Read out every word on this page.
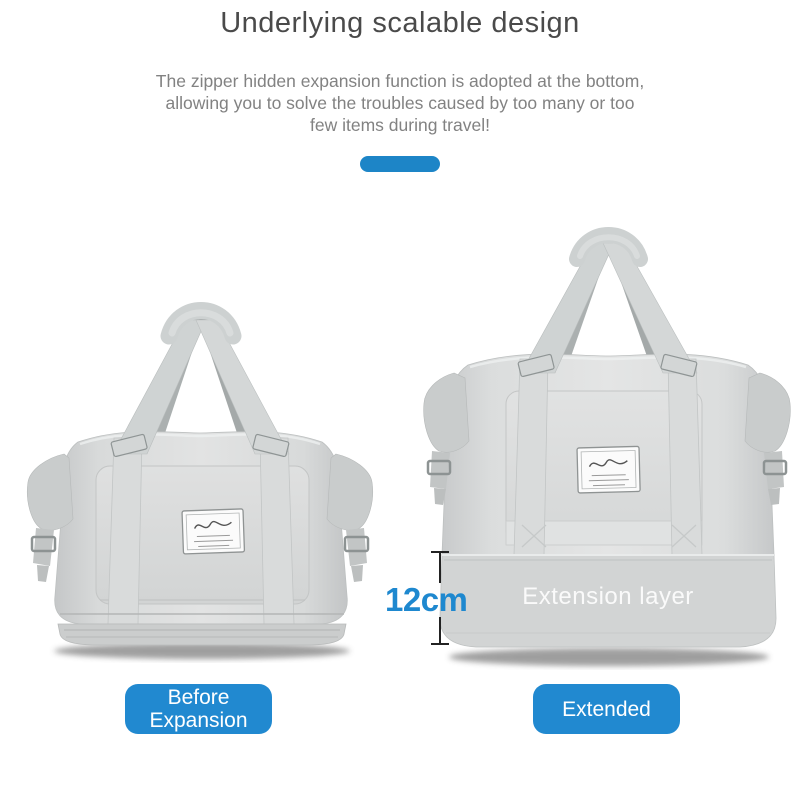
Underlying scalable design
The zipper hidden expansion function is adopted at the bottom,
allowing you to solve the troubles caused by too many or too
few items during travel!
Extension layer
12cm
Before Expansion	Extended
